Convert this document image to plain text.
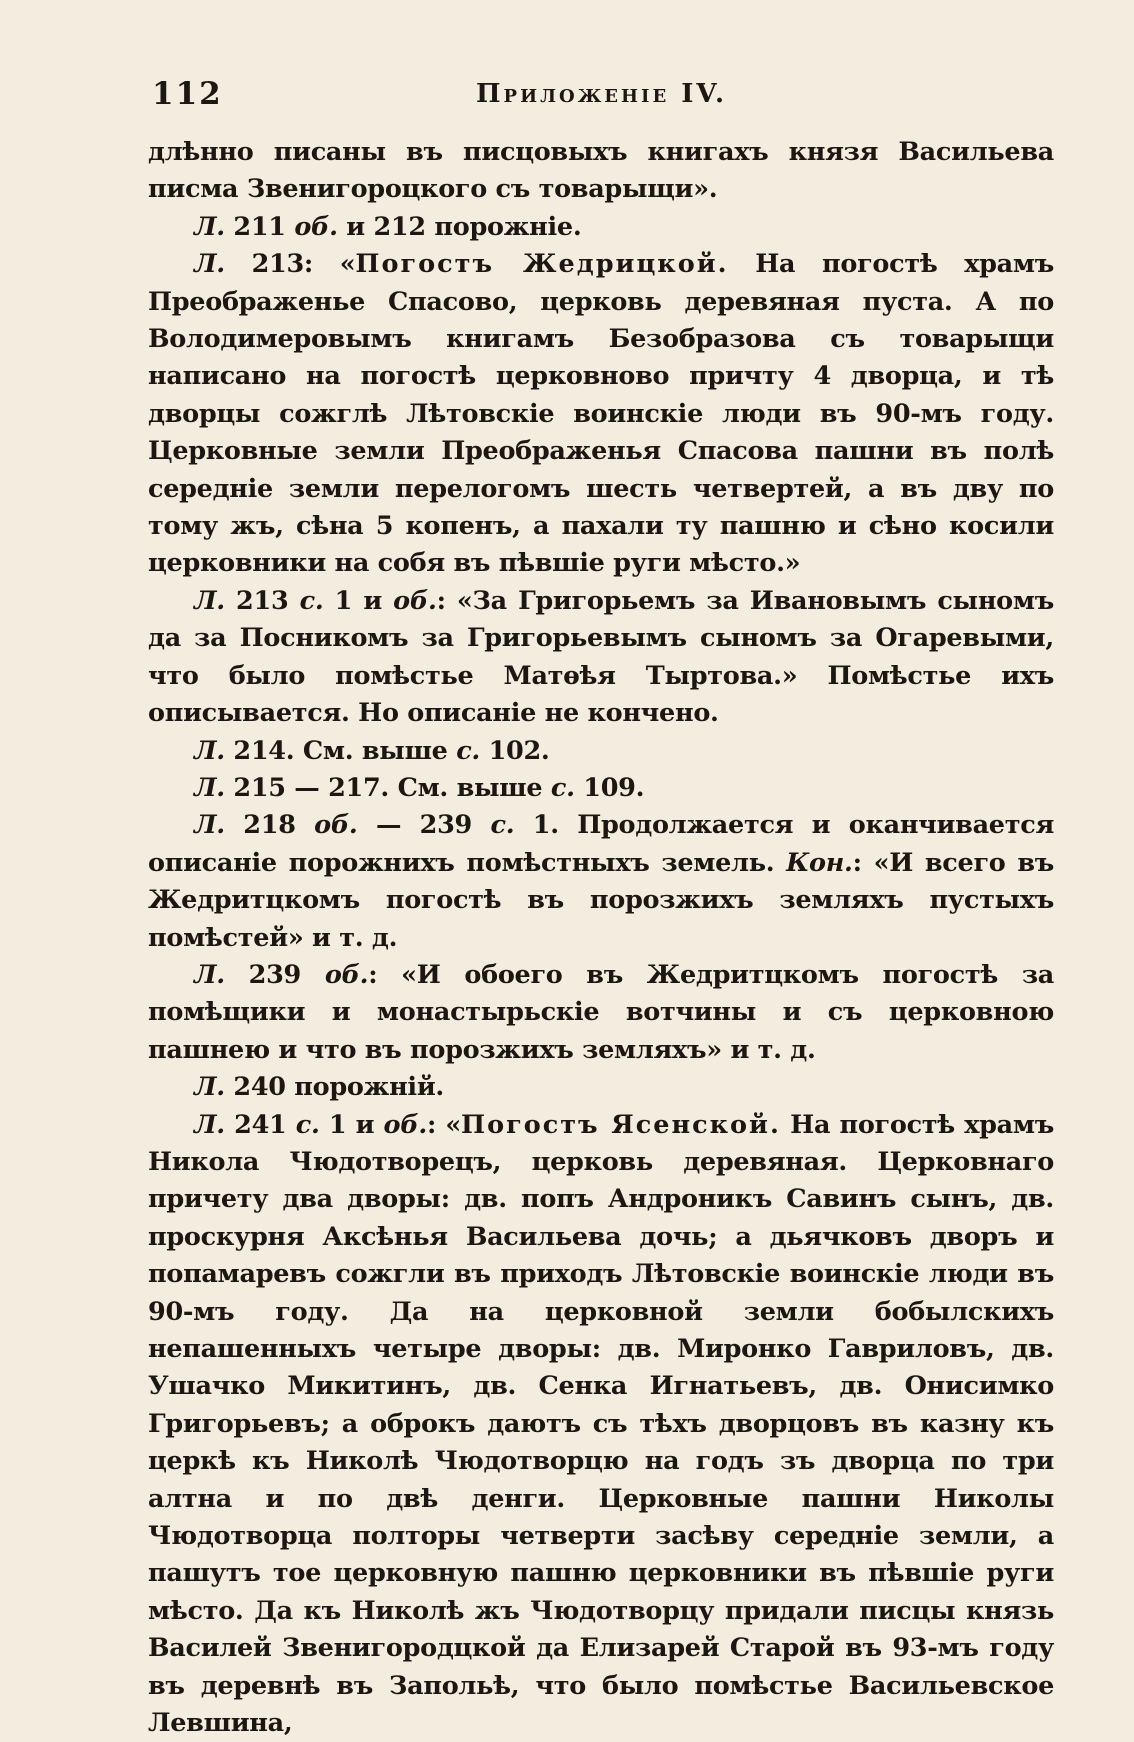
112	Приложеніе IV.

длѣнно писаны въ писцовыхъ книгахъ князя Васильева писма Звенигороцкого съ товарыщи».

Л. 211 об. и 212 порожніе.

Л. 213: «Погостъ Жедрицкой. На погостѣ храмъ Преображенье Спасово, церковь деревяная пуста. А по Володимеровымъ книгамъ Безобразова съ товарыщи написано на погостѣ церковново причту 4 дворца, и тѣ дворцы сожглѣ Лѣтовскіе воинскіе люди въ 90-мъ году. Церковные земли Преображенья Спасова пашни въ полѣ середніе земли перелогомъ шесть четвертей, а въ дву по тому жъ, сѣна 5 копенъ, а пахали ту пашню и сѣно косили церковники на собя въ пѣвшіе руги мѣсто.»

Л. 213 с. 1 и об.: «За Григорьемъ за Ивановымъ сыномъ да за Посникомъ за Григорьевымъ сыномъ за Огаревыми, что было помѣстье Матѳѣя Тыртова.» Помѣстье ихъ описывается. Но описаніе не кончено.

Л. 214. См. выше с. 102.

Л. 215 — 217. См. выше с. 109.

Л. 218 об. — 239 с. 1. Продолжается и оканчивается описаніе порожнихъ помѣстныхъ земель. Кон.: «И всего въ Жедритцкомъ погостѣ въ порозжихъ земляхъ пустыхъ помѣстей» и т. д.

Л. 239 об.: «И обоего въ Жедритцкомъ погостѣ за помѣщики и монастырьскіе вотчины и съ церковною пашнею и что въ порозжихъ земляхъ» и т. д.

Л. 240 порожній.

Л. 241 с. 1 и об.: «Погостъ Ясенской. На погостѣ храмъ Никола Чюдотворецъ, церковь деревяная. Церковнаго причету два дворы: дв. попъ Андроникъ Савинъ сынъ, дв. проскурня Аксѣнья Васильева дочь; а дьячковъ дворъ и попамаревъ сожгли въ приходъ Лѣтовскіе воинскіе люди въ 90-мъ году. Да на церковной земли бобылскихъ непашенныхъ четыре дворы: дв. Миронко Гавриловъ, дв. Ушачко Микитинъ, дв. Сенка Игнатьевъ, дв. Онисимко Григорьевъ; а оброкъ даютъ съ тѣхъ дворцовъ въ казну къ церкѣ къ Николѣ Чюдотворцю на годъ зъ дворца по три алтна и по двѣ денги. Церковные пашни Николы Чюдотворца полторы четверти засѣву середніе земли, а пашутъ тое церковную пашню церковники въ пѣвшіе руги мѣсто. Да къ Николѣ жъ Чюдотворцу придали писцы князь Василей Звенигородцкой да Елизарей Старой въ 93-мъ году въ деревнѣ въ Запольѣ, что было помѣстье Васильевское Левшина,
